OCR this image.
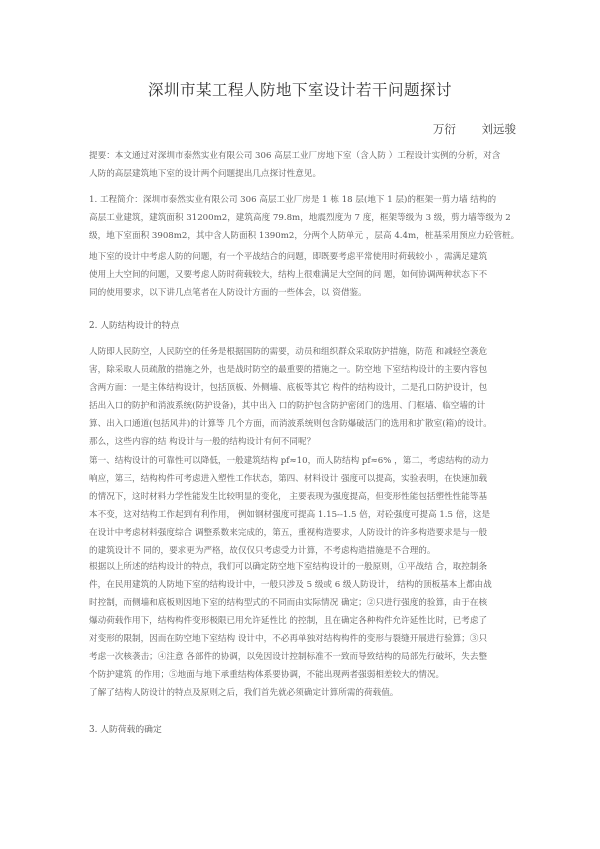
深圳市某工程人防地下室设计若干问题探讨
万衍 刘远骏
提要：本文通过对深圳市泰然实业有限公司 306 高层工业厂房地下室（含人防 ）工程设计实例的分析，对含
人防的高层建筑地下室的设计两个问题提出几点探讨性意见。
1. 工程简介：深圳市泰然实业有限公司 306 高层工业厂房是 1 栋 18 层(地下 1 层)的框架一剪力墙 结构的
高层工业建筑，建筑面积 31200m2，建筑高度 79.8m，地震烈度为 7 度，框架等级为 3 级，剪力墙等级为 2
级，地下室面积 3908m2，其中含人防面积 1390m2，分两个人防单元 ，层高 4.4m，桩基采用预应力砼管桩。
地下室的设计中考虑人防的问题，有一个平战结合的问题，即既要考虑平常使用时荷载较小 ，需满足建筑
使用上大空间的问题，又要考虑人防时荷载较大，结构上很难满足大空间的问 题，如何协调两种状态下不
同的使用要求，以下讲几点笔者在人防设计方面的一些体会，以 资借鉴。
2. 人防结构设计的特点
人防即人民防空，人民防空的任务是根据国防的需要，动员和组织群众采取防护措施，防范 和减轻空袭危
害，除采取人员疏散的措施之外，也是战时防空的最重要的措施之一。防空地 下室结构设计的主要内容包
含两方面：一是主体结构设计，包括顶板、外侧墙、底板等其它 构件的结构设计，二是孔口防护设计，包
括出入口的防护和消波系统(防护设备)，其中出入 口的防护包含防护密闭门的选用、门框墙、临空墙的计
算、出入口通道(包括风井)的计算等 几个方面，而消波系统则包含防爆破活门的选用和扩散室(箱)的设计。
那么，这些内容的结 构设计与一般的结构设计有何不同呢？
第一、结构设计的可靠性可以降低，一般建筑结构 pf≈10，而人防结构 pf≈6% ，第二，考虑结构的动力
响应，第三，结构构件可考虑进入塑性工作状态，第四、材料设计 强度可以提高，实验表明，在快速加载
的情况下，这时材料力学性能发生比较明显的变化， 主要表现为强度提高，但变形性能包括塑性性能等基
本不变，这对结构工作起到有利作用， 例如钢材强度可提高 1.15--1.5 倍，对砼强度可提高 1.5 倍，这是
在设计中考虑材料强度综合 调整系数来完成的，第五，重视构造要求，人防设计的许多构造要求是与一般
的建筑设计不 同的，要求更为严格，故仅仅只考虑受力计算，不考虑构造措施是不合理的。
根据以上所述的结构设计的特点，我们可以确定防空地下室结构设计的一般原则，①平战结 合，取控制条
件，在民用建筑的人防地下室的结构设计中，一般只涉及 5 级或 6 级人防设计， 结构的顶板基本上都由战
时控制，而侧墙和底板则因地下室的结构型式的不同而由实际情况 确定；②只进行强度的验算，由于在核
爆动荷载作用下，结构构件变形极限已用允许延性比 的控制，且在确定各种构件允许延性比时，已考虑了
对变形的限制，因而在防空地下室结构 设计中，不必再单独对结构构件的变形与裂缝开展进行验算；③只
考虑一次核袭击；④注意 各部件的协调，以免因设计控制标准不一致而导致结构的局部先行破坏，失去整
个防护建筑 的作用；⑤地面与地下承重结构体系要协调，不能出现两者强弱相差较大的情况。
了解了结构人防设计的特点及原则之后，我们首先就必须确定计算所需的荷载值。
3. 人防荷载的确定
